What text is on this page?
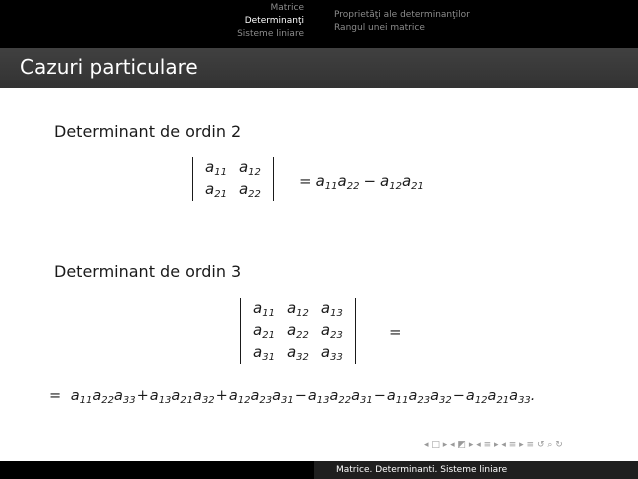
Matrice
Determinanţi
Sisteme liniare
Proprietăţi ale determinanţilor
Rangul unei matrice
Cazuri particulare
Determinant de ordin 2
$a_{11}$	$a_{12}$
$a_{21}$	$a_{22}$
= $a_{11}a_{22} - a_{12}a_{21}$
Determinant de ordin 3
$a_{11}$	$a_{12}$	$a_{13}$
$a_{21}$	$a_{22}$	$a_{23}$
$a_{31}$	$a_{32}$	$a_{33}$
=
= $a_{11}a_{22}a_{33}+a_{13}a_{21}a_{32}+a_{12}a_{23}a_{31}-a_{13}a_{22}a_{31}-a_{11}a_{23}a_{32}-a_{12}a_{21}a_{33}$.
◂ □ ▸ ◂ ◩ ▸ ◂ ≡ ▸ ◂ ≡ ▸ ≡ ↺ ⌕ ↻
Matrice. Determinanti. Sisteme liniare
